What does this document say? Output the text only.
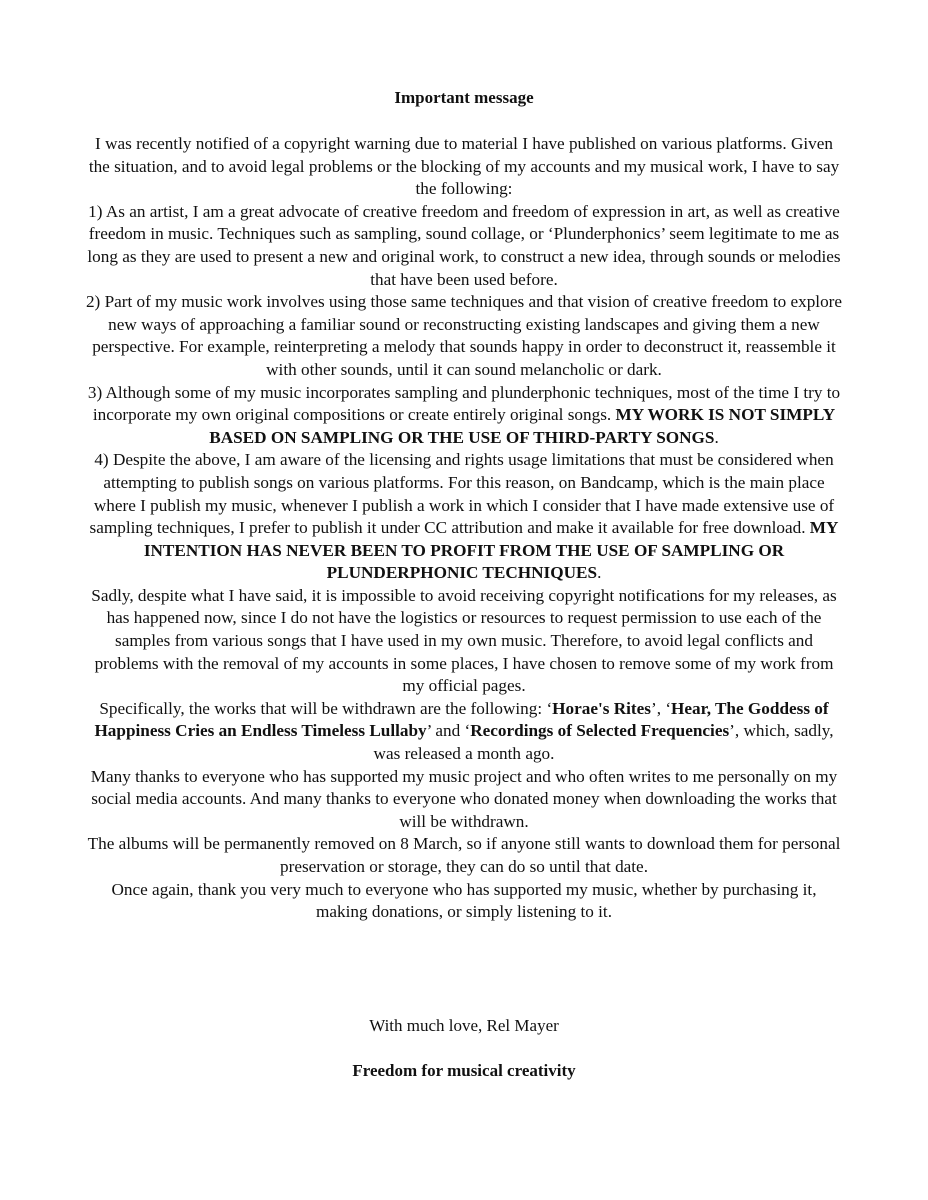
Important message

I was recently notified of a copyright warning due to material I have published on various platforms. Given the situation, and to avoid legal problems or the blocking of my accounts and my musical work, I have to say the following:

1) As an artist, I am a great advocate of creative freedom and freedom of expression in art, as well as creative freedom in music. Techniques such as sampling, sound collage, or ‘Plunderphonics’ seem legitimate to me as long as they are used to present a new and original work, to construct a new idea, through sounds or melodies that have been used before.

2) Part of my music work involves using those same techniques and that vision of creative freedom to explore new ways of approaching a familiar sound or reconstructing existing landscapes and giving them a new perspective. For example, reinterpreting a melody that sounds happy in order to deconstruct it, reassemble it with other sounds, until it can sound melancholic or dark.

3) Although some of my music incorporates sampling and plunderphonic techniques, most of the time I try to incorporate my own original compositions or create entirely original songs. MY WORK IS NOT SIMPLY BASED ON SAMPLING OR THE USE OF THIRD-PARTY SONGS.

4) Despite the above, I am aware of the licensing and rights usage limitations that must be considered when attempting to publish songs on various platforms. For this reason, on Bandcamp, which is the main place where I publish my music, whenever I publish a work in which I consider that I have made extensive use of sampling techniques, I prefer to publish it under CC attribution and make it available for free download. MY INTENTION HAS NEVER BEEN TO PROFIT FROM THE USE OF SAMPLING OR PLUNDERPHONIC TECHNIQUES.

Sadly, despite what I have said, it is impossible to avoid receiving copyright notifications for my releases, as has happened now, since I do not have the logistics or resources to request permission to use each of the samples from various songs that I have used in my own music. Therefore, to avoid legal conflicts and problems with the removal of my accounts in some places, I have chosen to remove some of my work from my official pages.

Specifically, the works that will be withdrawn are the following: ‘Horae's Rites’, ‘Hear, The Goddess of Happiness Cries an Endless Timeless Lullaby’ and ‘Recordings of Selected Frequencies’, which, sadly, was released a month ago.

Many thanks to everyone who has supported my music project and who often writes to me personally on my social media accounts. And many thanks to everyone who donated money when downloading the works that will be withdrawn.

The albums will be permanently removed on 8 March, so if anyone still wants to download them for personal preservation or storage, they can do so until that date.

Once again, thank you very much to everyone who has supported my music, whether by purchasing it, making donations, or simply listening to it.

With much love, Rel Mayer
Freedom for musical creativity
